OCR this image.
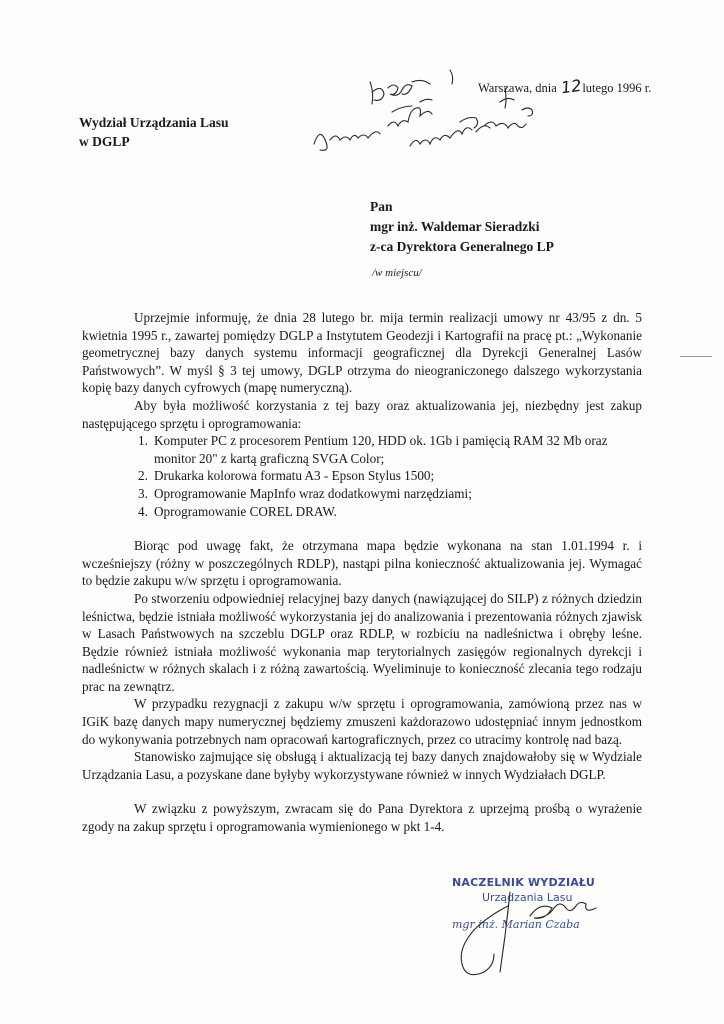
Warszawa, dnia 12lutego 1996 r.
Wydział Urządzania Lasu
w DGLP
Pan
mgr inż. Waldemar Sieradzki
z-ca Dyrektora Generalnego LP
/w miejscu/

Uprzejmie informuję, że dnia 28 lutego br. mija termin realizacji umowy nr 43/95 z dn. 5 kwietnia 1995 r., zawartej pomiędzy DGLP a Instytutem Geodezji i Kartografii na pracę pt.: „Wykonanie geometrycznej bazy danych systemu informacji geograficznej dla Dyrekcji Generalnej Lasów Państwowych”. W myśl § 3 tej umowy, DGLP otrzyma do nieograniczonego dalszego wykorzystania kopię bazy danych cyfrowych (mapę numeryczną).

Aby była możliwość korzystania z tej bazy oraz aktualizowania jej, niezbędny jest zakup następującego sprzętu i oprogramowania:

1. Komputer PC z procesorem Pentium 120, HDD ok. 1Gb i pamięcią RAM 32 Mb oraz monitor 20" z kartą graficzną SVGA Color;
2. Drukarka kolorowa formatu A3 - Epson Stylus 1500;
3. Oprogramowanie MapInfo wraz dodatkowymi narzędziami;
4. Oprogramowanie COREL DRAW.

Biorąc pod uwagę fakt, że otrzymana mapa będzie wykonana na stan 1.01.1994 r. i wcześniejszy (różny w poszczególnych RDLP), nastąpi pilna konieczność aktualizowania jej. Wymagać to będzie zakupu w/w sprzętu i oprogramowania.

Po stworzeniu odpowiedniej relacyjnej bazy danych (nawiązującej do SILP) z różnych dziedzin leśnictwa, będzie istniała możliwość wykorzystania jej do analizowania i prezentowania różnych zjawisk w Lasach Państwowych na szczeblu DGLP oraz RDLP, w rozbiciu na nadleśnictwa i obręby leśne. Będzie również istniała możliwość wykonania map terytorialnych zasięgów regionalnych dyrekcji i nadleśnictw w różnych skalach i z różną zawartością. Wyeliminuje to konieczność zlecania tego rodzaju prac na zewnątrz.

W przypadku rezygnacji z zakupu w/w sprzętu i oprogramowania, zamówioną przez nas w IGiK bazę danych mapy numerycznej będziemy zmuszeni każdorazowo udostępniać innym jednostkom do wykonywania potrzebnych nam opracowań kartograficznych, przez co utracimy kontrolę nad bazą.

Stanowisko zajmujące się obsługą i aktualizacją tej bazy danych znajdowałoby się w Wydziale Urządzania Lasu, a pozyskane dane byłyby wykorzystywane również w innych Wydziałach DGLP.

W związku z powyższym, zwracam się do Pana Dyrektora z uprzejmą prośbą o wyrażenie zgody na zakup sprzętu i oprogramowania wymienionego w pkt 1-4.

NACZELNIK WYDZIAŁU
Urządzania Lasu
mgr inż. Marian Czaba
